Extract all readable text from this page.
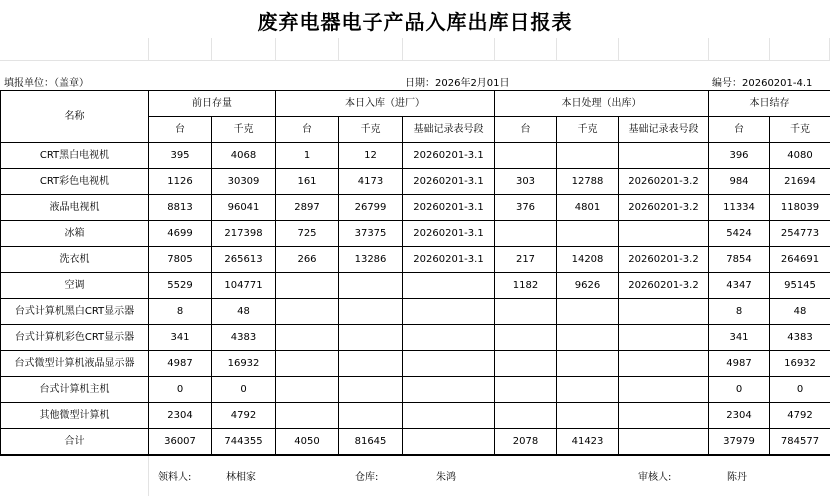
废弃电器电子产品入库出库日报表
填报单位：（盖章）	日期：2026年2月01日	编号：20260201-4.1
名称	前日存量		本日入库（进厂）			本日处理（出库）			本日结存	
	台	千克	台	千克	基础记录表号段	台	千克	基础记录表号段	台	千克
CRT黑白电视机	395	4068	1	12	20260201-3.1				396	4080
CRT彩色电视机	1126	30309	161	4173	20260201-3.1	303	12788	20260201-3.2	984	21694
液晶电视机	8813	96041	2897	26799	20260201-3.1	376	4801	20260201-3.2	11334	118039
冰箱	4699	217398	725	37375	20260201-3.1				5424	254773
洗衣机	7805	265613	266	13286	20260201-3.1	217	14208	20260201-3.2	7854	264691
空调	5529	104771				1182	9626	20260201-3.2	4347	95145
台式计算机黑白CRT显示器	8	48							8	48
台式计算机彩色CRT显示器	341	4383							341	4383
台式微型计算机液晶显示器	4987	16932							4987	16932
台式计算机主机	0	0							0	0
其他微型计算机	2304	4792							2304	4792
合计	36007	744355	4050	81645		2078	41423		37979	784577
领料人:	林相家	仓库:	朱鸿	审核人:	陈丹
